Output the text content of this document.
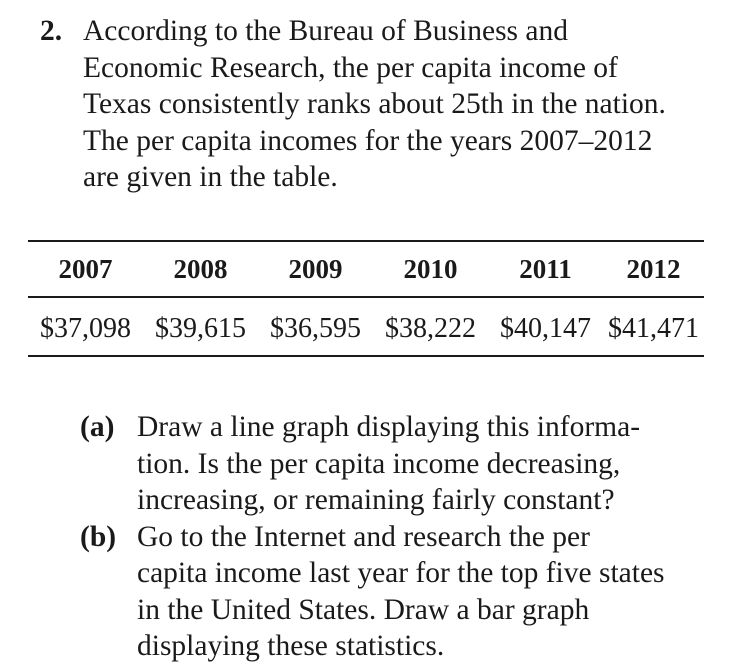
2. According to the Bureau of Business and
Economic Research, the per capita income of
Texas consistently ranks about 25th in the nation.
The per capita incomes for the years 2007–2012
are given in the table.
2007	2008	2009	2010	2011	2012
$37,098 $39,615 $36,595 $38,222 $40,147 $41,471
(a) Draw a line graph displaying this informa-
tion. Is the per capita income decreasing,
increasing, or remaining fairly constant?
(b) Go to the Internet and research the per
capita income last year for the top five states
in the United States. Draw a bar graph
displaying these statistics.
